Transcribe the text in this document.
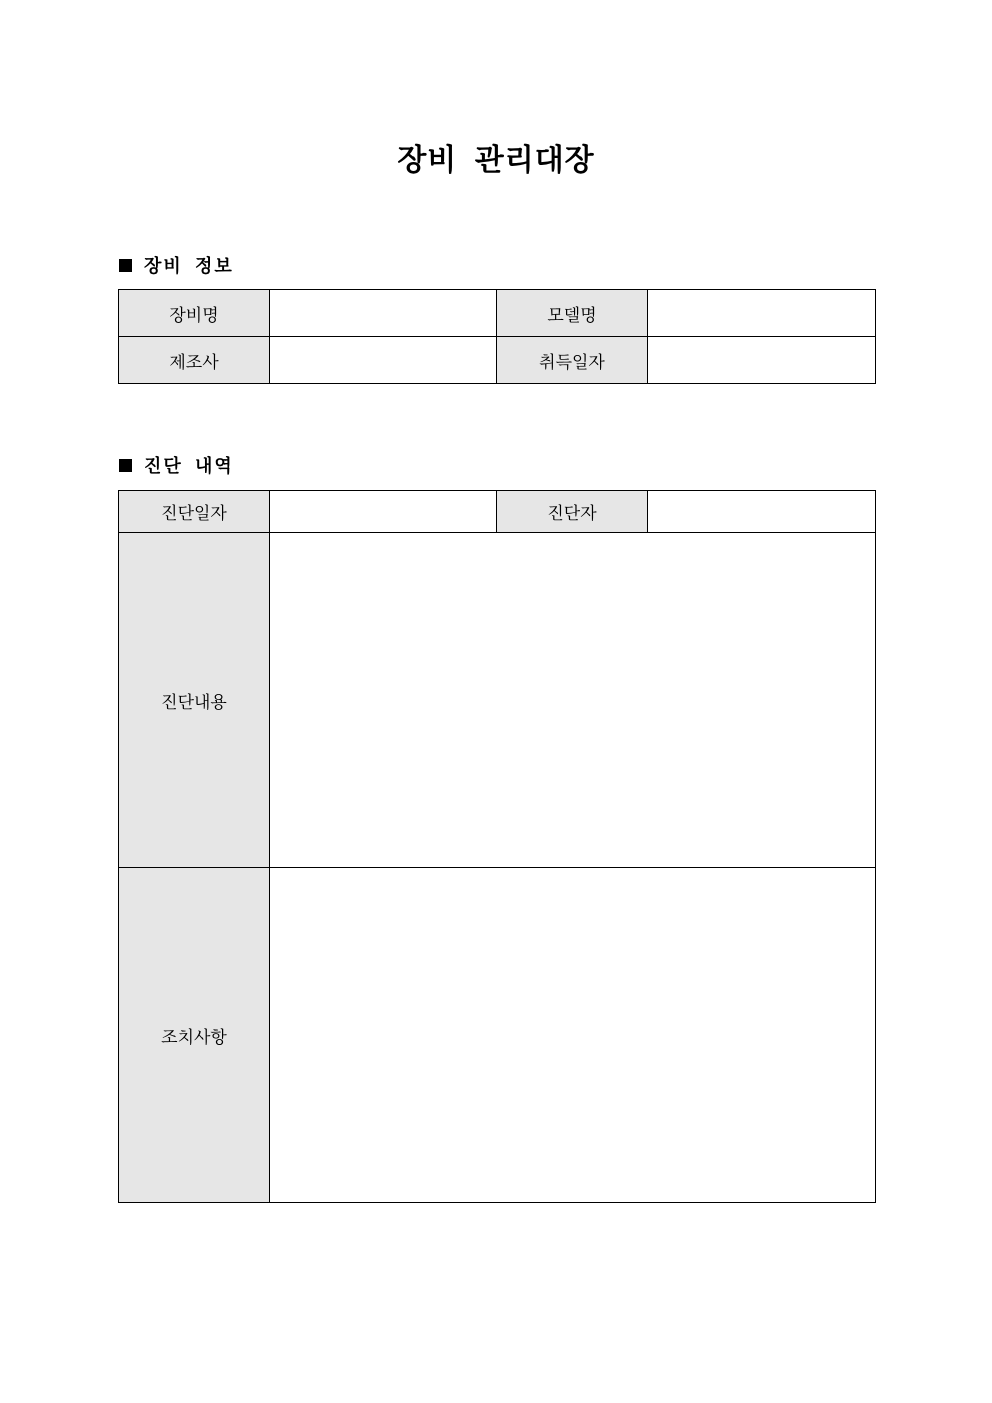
장비 관리대장
장비 정보
장비명		모델명	
제조사		취득일자	
진단 내역
진단일자		진단자	
진단내용			
조치사항			
